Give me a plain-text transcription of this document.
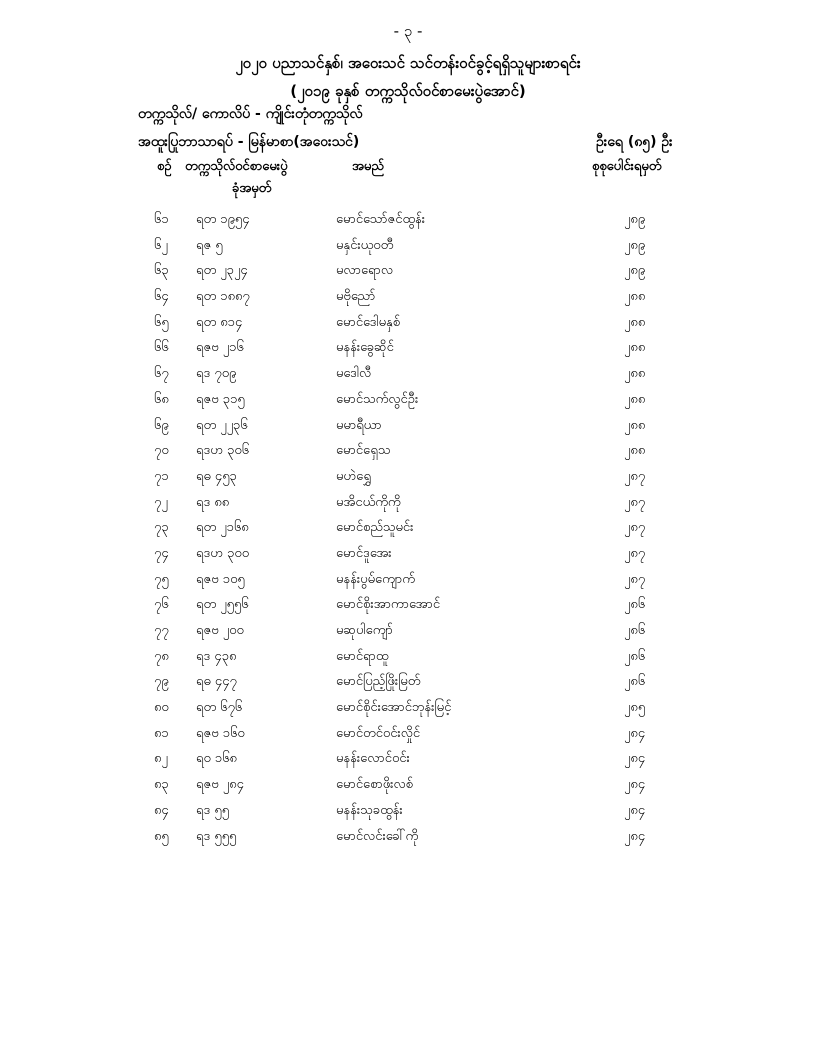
- ၃ -
၂၀၂၀ ပညာသင်နှစ်၊ အဝေးသင် သင်တန်းဝင်ခွင့်ရရှိသူများစာရင်း
(၂၀၁၉ ခုနှစ် တက္ကသိုလ်ဝင်စာမေးပွဲအောင်)
တက္ကသိုလ်/ ကောလိပ် - ကျိုင်းတုံတက္ကသိုလ်
အထူးပြုဘာသာရပ် - မြန်မာစာ(အဝေးသင်)	ဦးရေ (၈၅) ဦး
စဉ် တက္ကသိုလ်ဝင်စာမေးပွဲ
ခုံအမှတ်
အမည်	စုစုပေါင်းရမှတ်
၆၁ ရတ ၁၉၅၄	မောင်သော်ဇင်ထွန်း	၂၈၉
၆၂ ရဇ ၅	မနှင်းယုဝတီ	၂၈၉
၆၃ ရတ ၂၃၂၄	မလာရောလ	၂၈၉
၆၄ ရတ ၁၈၈၇	မဗိုညော်	၂၈၈
၆၅ ရတ ၈၁၄	မောင်ဒေါမနှစ်	၂၈၈
၆၆ ရဇဗ ၂၁၆	မနန်းခွေဆိုင်	၂၈၈
၆၇ ရဒ ၇၀၉	မဒေါလီ	၂၈၈
၆၈ ရဇဗ ၃၁၅	မောင်သက်လွင်ဦး	၂၈၈
၆၉ ရတ ၂၂၃၆	မမာရီယာ	၂၈၈
၇၀ ရဒဟ ၃၀၆	မောင်ရှေသ	၂၈၈
၇၁ ရဓ ၄၅၃	မဟဲရွှေ	၂၈၇
၇၂ ရဒ ၈၈	မအိငယ်ကိုကို	၂၈၇
၇၃ ရတ ၂၁၆၈	မောင်စည်သူမင်း	၂၈၇
၇၄ ရဒဟ ၃၀၀	မောင်ဒူအေး	၂၈၇
၇၅ ရဇဗ ၁၀၅	မနန်းပွမ်ကျောက်	၂၈၇
၇၆ ရတ ၂၅၅၆	မောင်စိုးအာကာအောင်	၂၈၆
၇၇ ရဇဗ ၂၀၀	မဆုပါကျော်	၂၈၆
၇၈ ရဒ ၄၃၈	မောင်ရာထူ	၂၈၆
၇၉ ရဓ ၄၄၇	မောင်ပြည့်ဖြိုးမြတ်	၂၈၆
၈၀ ရတ ၆၇၆	မောင်စိုင်းအောင်ဘုန်းမြင့်	၂၈၅
၈၁ ရဇဗ ၁၆၀	မောင်တင်ဝင်းလှိုင်	၂၈၄
၈၂ ရဝ ၁၆၈	မနန်းလောင်ဝင်း	၂၈၄
၈၃ ရဇဗ ၂၈၄	မောင်စောဖိုးလစ်	၂၈၄
၈၄ ရဒ ၅၅	မနန်းသုခထွန်း	၂၈၄
၈၅ ရဒ ၅၅၅	မောင်လင်းခေါ်ကို	၂၈၄
